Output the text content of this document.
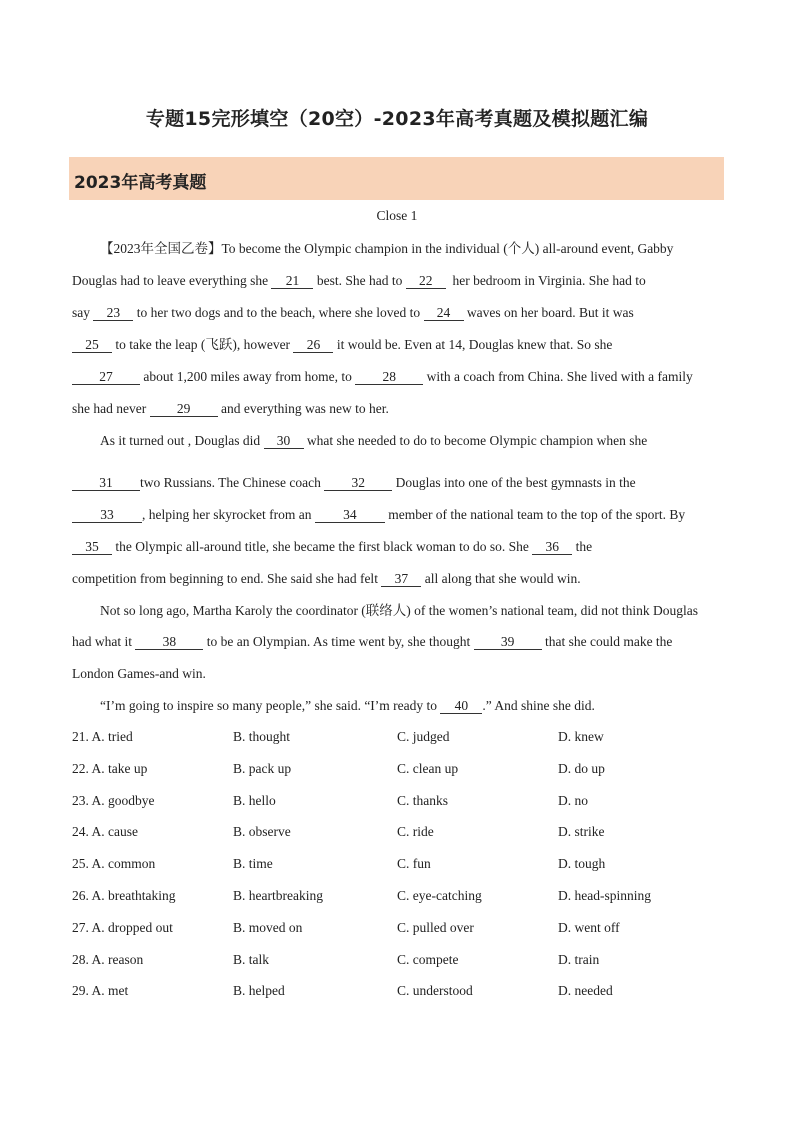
专题15完形填空（20空）-2023年高考真题及模拟题汇编
2023年高考真题
Close 1
【2023年全国乙卷】To become the Olympic champion in the individual (个人) all-around event, Gabby
Douglas had to leave everything she 21 best. She had to 22 her bedroom in Virginia. She had to
say 23 to her two dogs and to the beach, where she loved to 24 waves on her board. But it was
25 to take the leap (飞跃), however 26 it would be. Even at 14, Douglas knew that. So she
27 about 1,200 miles away from home, to 28 with a coach from China. She lived with a family
she had never 29 and everything was new to her.
As it turned out , Douglas did 30 what she needed to do to become Olympic champion when she
31 two Russians. The Chinese coach 32 Douglas into one of the best gymnasts in the
33 , helping her skyrocket from an 34 member of the national team to the top of the sport. By
35 the Olympic all-around title, she became the first black woman to do so. She 36 the
competition from beginning to end. She said she had felt 37 all along that she would win.
Not so long ago, Martha Karoly the coordinator (联络人) of the women’s national team, did not think Douglas
had what it 38 to be an Olympian. As time went by, she thought 39 that she could make the
London Games-and win.
“I’m going to inspire so many people,” she said. “I’m ready to 40 .” And shine she did.
21. A. tried	B. thought	C. judged	D. knew
22. A. take up	B. pack up	C. clean up	D. do up
23. A. goodbye	B. hello	C. thanks	D. no
24. A. cause	B. observe	C. ride	D. strike
25. A. common	B. time	C. fun	D. tough
26. A. breathtaking	B. heartbreaking	C. eye-catching	D. head-spinning
27. A. dropped out	B. moved on	C. pulled over	D. went off
28. A. reason	B. talk	C. compete	D. train
29. A. met	B. helped	C. understood	D. needed
